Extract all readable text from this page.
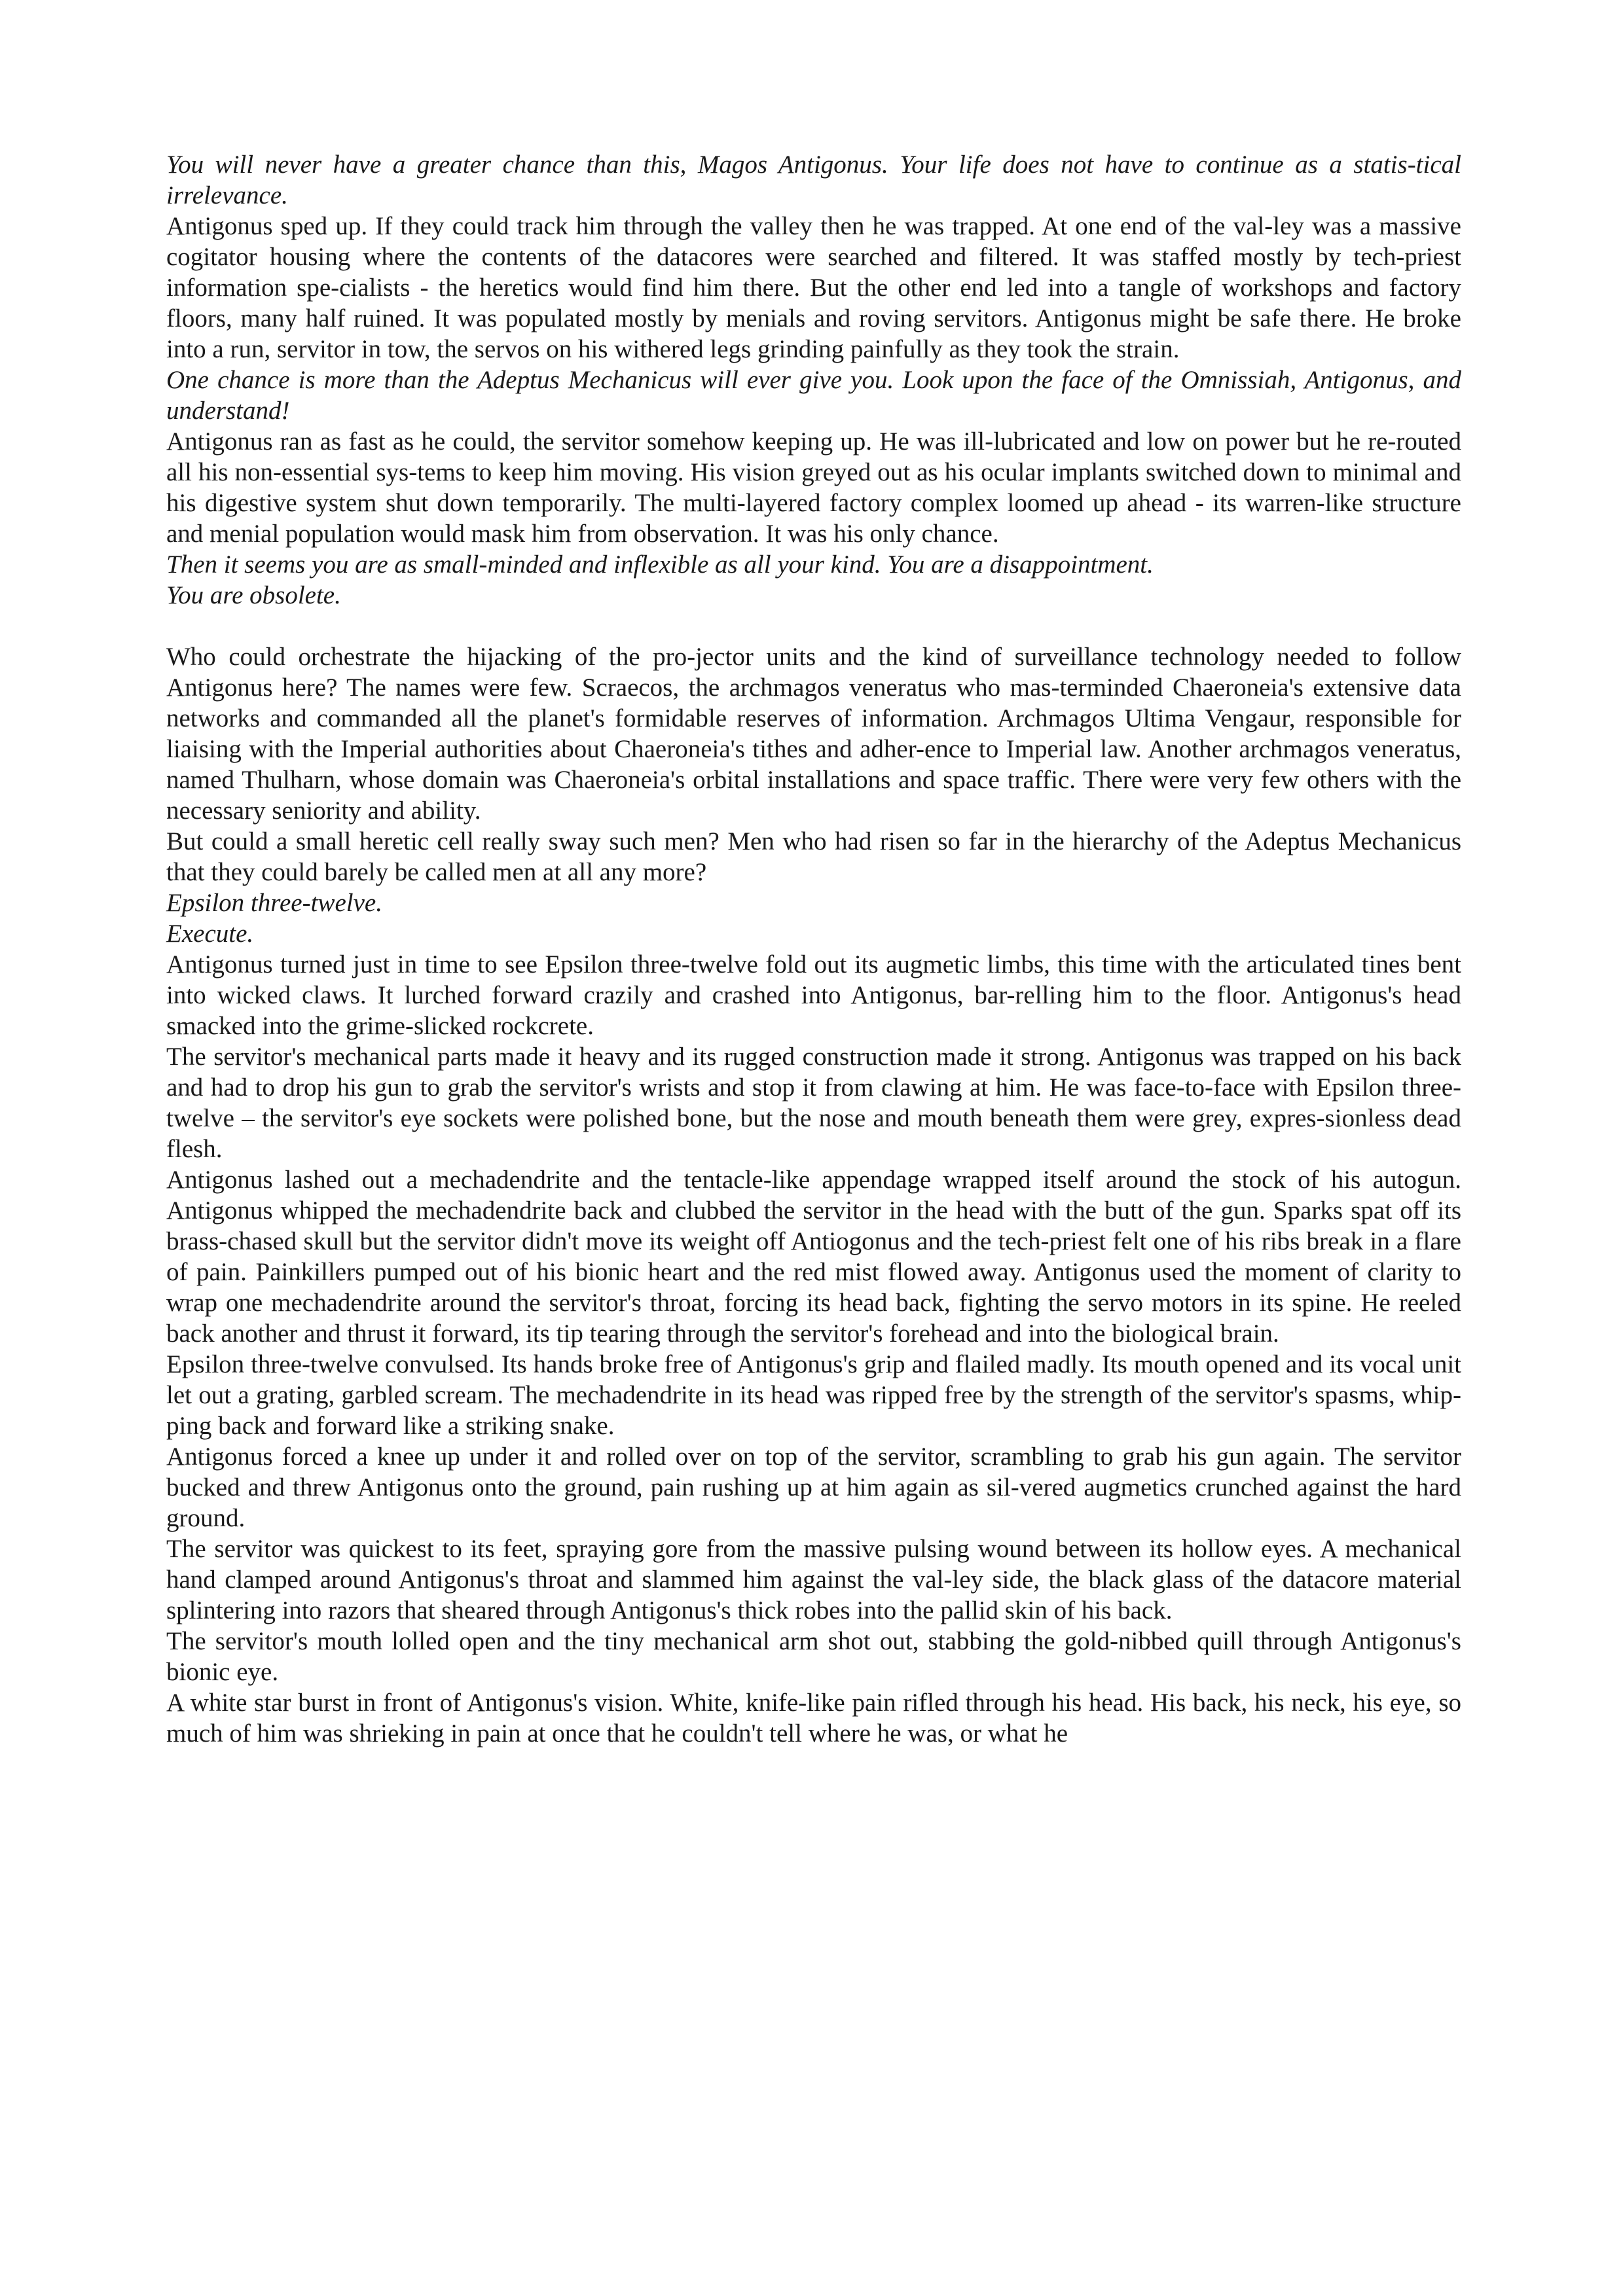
You will never have a greater chance than this, Magos Antigonus. Your life does not have to continue as a statis-tical irrelevance.

Antigonus sped up. If they could track him through the valley then he was trapped. At one end of the val-ley was a massive cogitator housing where the contents of the datacores were searched and filtered. It was staffed mostly by tech-priest information spe-cialists - the heretics would find him there. But the other end led into a tangle of workshops and factory floors, many half ruined. It was populated mostly by menials and roving servitors. Antigonus might be safe there. He broke into a run, servitor in tow, the servos on his withered legs grinding painfully as they took the strain.

One chance is more than the Adeptus Mechanicus will ever give you. Look upon the face of the Omnissiah, Antigonus, and understand!

Antigonus ran as fast as he could, the servitor somehow keeping up. He was ill-lubricated and low on power but he re-routed all his non-essential sys-tems to keep him moving. His vision greyed out as his ocular implants switched down to minimal and his digestive system shut down temporarily. The multi-layered factory complex loomed up ahead - its warren-like structure and menial population would mask him from observation. It was his only chance.

Then it seems you are as small-minded and inflexible as all your kind. You are a disappointment.

You are obsolete.

Who could orchestrate the hijacking of the pro-jector units and the kind of surveillance technology needed to follow Antigonus here? The names were few. Scraecos, the archmagos veneratus who mas-terminded Chaeroneia's extensive data networks and commanded all the planet's formidable reserves of information. Archmagos Ultima Vengaur, responsible for liaising with the Imperial authorities about Chaeroneia's tithes and adher-ence to Imperial law. Another archmagos veneratus, named Thulharn, whose domain was Chaeroneia's orbital installations and space traffic. There were very few others with the necessary seniority and ability.

But could a small heretic cell really sway such men? Men who had risen so far in the hierarchy of the Adeptus Mechanicus that they could barely be called men at all any more?

Epsilon three-twelve.

Execute.

Antigonus turned just in time to see Epsilon three-twelve fold out its augmetic limbs, this time with the articulated tines bent into wicked claws. It lurched forward crazily and crashed into Antigonus, bar-relling him to the floor. Antigonus's head smacked into the grime-slicked rockcrete.

The servitor's mechanical parts made it heavy and its rugged construction made it strong. Antigonus was trapped on his back and had to drop his gun to grab the servitor's wrists and stop it from clawing at him. He was face-to-face with Epsilon three-twelve – the servitor's eye sockets were polished bone, but the nose and mouth beneath them were grey, expres-sionless dead flesh.

Antigonus lashed out a mechadendrite and the tentacle-like appendage wrapped itself around the stock of his autogun. Antigonus whipped the mechadendrite back and clubbed the servitor in the head with the butt of the gun. Sparks spat off its brass-chased skull but the servitor didn't move its weight off Antiogonus and the tech-priest felt one of his ribs break in a flare of pain. Painkillers pumped out of his bionic heart and the red mist flowed away. Antigonus used the moment of clarity to wrap one mechadendrite around the servitor's throat, forcing its head back, fighting the servo motors in its spine. He reeled back another and thrust it forward, its tip tearing through the servitor's forehead and into the biological brain.

Epsilon three-twelve convulsed. Its hands broke free of Antigonus's grip and flailed madly. Its mouth opened and its vocal unit let out a grating, garbled scream. The mechadendrite in its head was ripped free by the strength of the servitor's spasms, whip-ping back and forward like a striking snake.

Antigonus forced a knee up under it and rolled over on top of the servitor, scrambling to grab his gun again. The servitor bucked and threw Antigonus onto the ground, pain rushing up at him again as sil-vered augmetics crunched against the hard ground.

The servitor was quickest to its feet, spraying gore from the massive pulsing wound between its hollow eyes. A mechanical hand clamped around Antigonus's throat and slammed him against the val-ley side, the black glass of the datacore material splintering into razors that sheared through Antigonus's thick robes into the pallid skin of his back.

The servitor's mouth lolled open and the tiny mechanical arm shot out, stabbing the gold-nibbed quill through Antigonus's bionic eye.

A white star burst in front of Antigonus's vision. White, knife-like pain rifled through his head. His back, his neck, his eye, so much of him was shrieking in pain at once that he couldn't tell where he was, or what he
